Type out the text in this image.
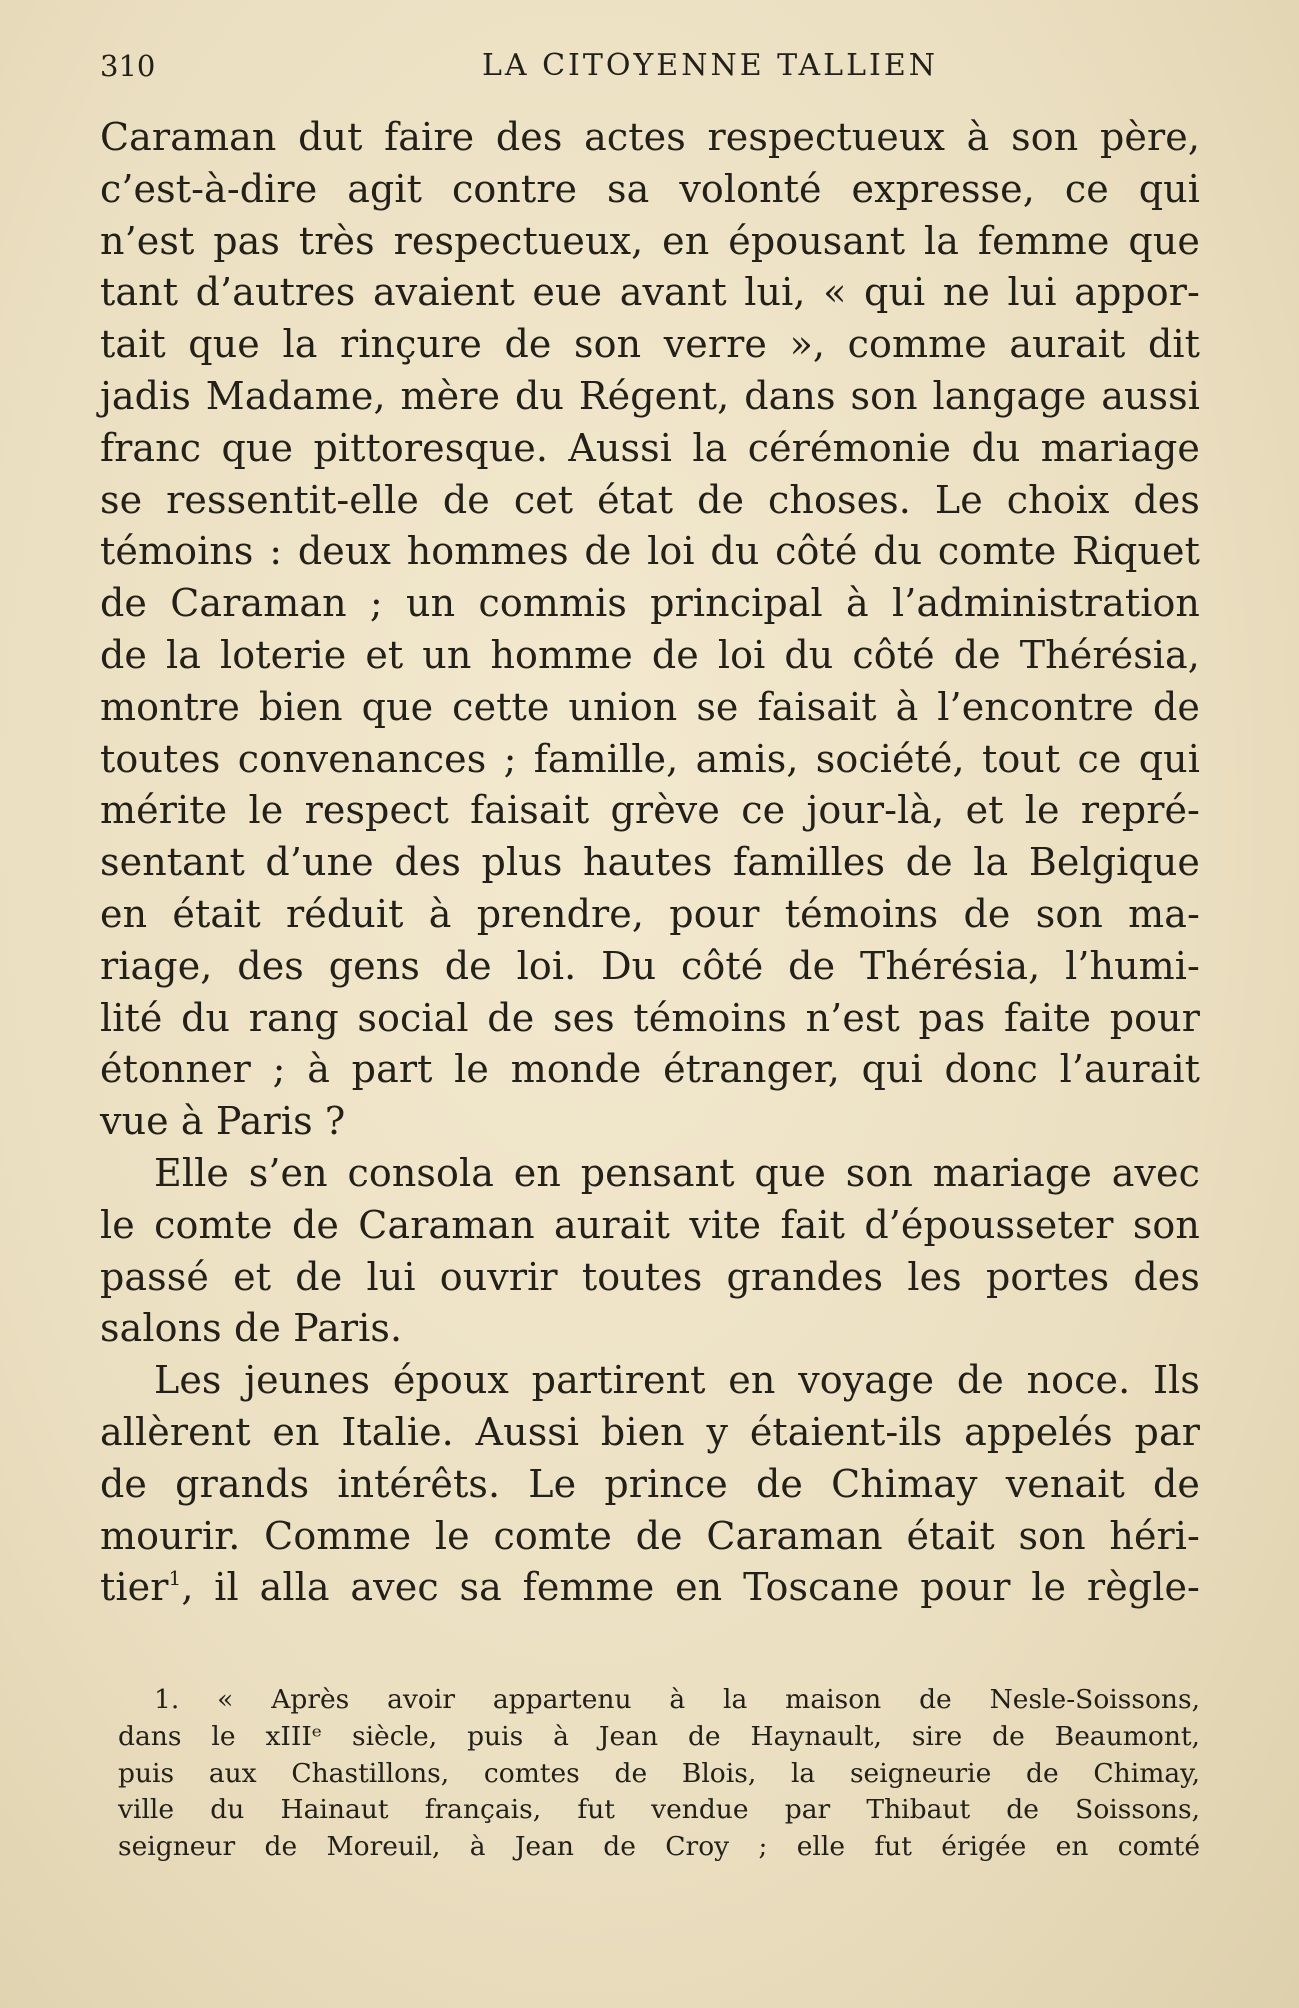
310	LA CITOYENNE TALLIEN
Caraman dut faire des actes respectueux à son père,
c’est-à-dire agit contre sa volonté expresse, ce qui
n’est pas très respectueux, en épousant la femme que
tant d’autres avaient eue avant lui, « qui ne lui appor-
tait que la rinçure de son verre », comme aurait dit
jadis Madame, mère du Régent, dans son langage aussi
franc que pittoresque. Aussi la cérémonie du mariage
se ressentit-elle de cet état de choses. Le choix des
témoins : deux hommes de loi du côté du comte Riquet
de Caraman ; un commis principal à l’administration
de la loterie et un homme de loi du côté de Thérésia,
montre bien que cette union se faisait à l’encontre de
toutes convenances ; famille, amis, société, tout ce qui
mérite le respect faisait grève ce jour-là, et le repré-
sentant d’une des plus hautes familles de la Belgique
en était réduit à prendre, pour témoins de son ma-
riage, des gens de loi. Du côté de Thérésia, l’humi-
lité du rang social de ses témoins n’est pas faite pour
étonner ; à part le monde étranger, qui donc l’aurait
vue à Paris ?
Elle s’en consola en pensant que son mariage avec
le comte de Caraman aurait vite fait d’épousseter son
passé et de lui ouvrir toutes grandes les portes des
salons de Paris.
Les jeunes époux partirent en voyage de noce. Ils
allèrent en Italie. Aussi bien y étaient-ils appelés par
de grands intérêts. Le prince de Chimay venait de
mourir. Comme le comte de Caraman était son héri-
tier$^1$, il alla avec sa femme en Toscane pour le règle-
1. « Après avoir appartenu à la maison de Nesle-Soissons,
dans le xIIIᵉ siècle, puis à Jean de Haynault, sire de Beaumont,
puis aux Chastillons, comtes de Blois, la seigneurie de Chimay,
ville du Hainaut français, fut vendue par Thibaut de Soissons,
seigneur de Moreuil, à Jean de Croy ; elle fut érigée en comté
